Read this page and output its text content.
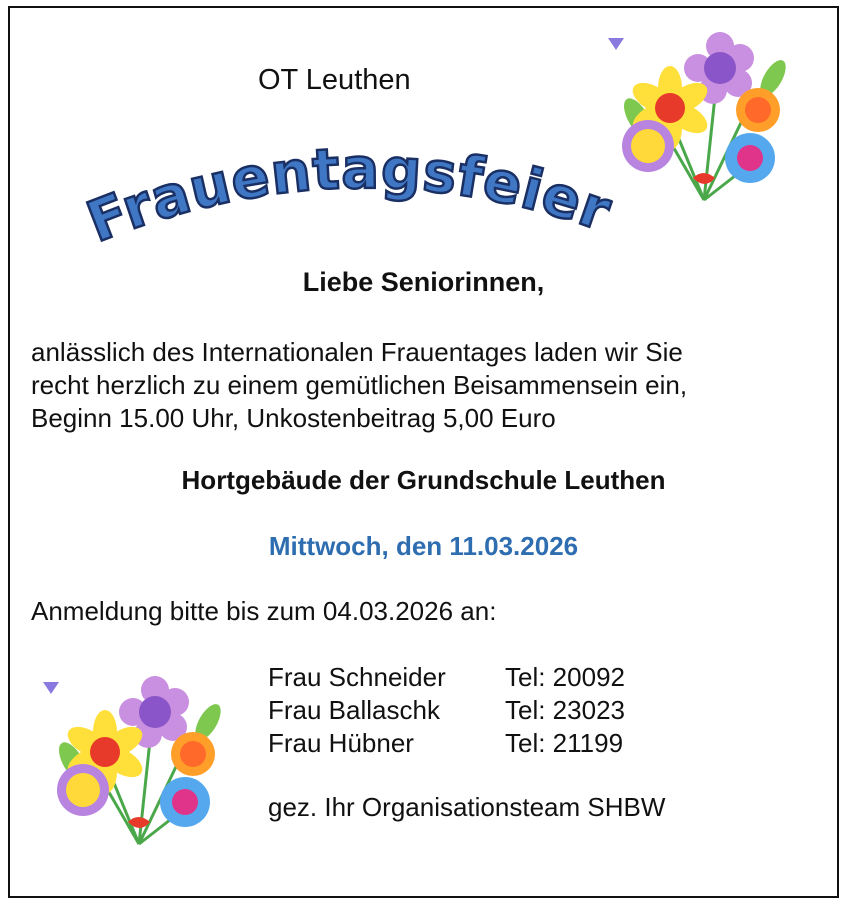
OT Leuthen
Frauentagsfeier
Liebe Seniorinnen,
anlässlich des Internationalen Frauentages laden wir Sie
recht herzlich zu einem gemütlichen Beisammensein ein,
Beginn 15.00 Uhr, Unkostenbeitrag 5,00 Euro
Hortgebäude der Grundschule Leuthen
Mittwoch, den 11.03.2026
Anmeldung bitte bis zum 04.03.2026 an:
Frau Schneider	Tel: 20092
Frau Ballaschk	Tel: 23023
Frau Hübner	Tel: 21199
gez. Ihr Organisationsteam SHBW
